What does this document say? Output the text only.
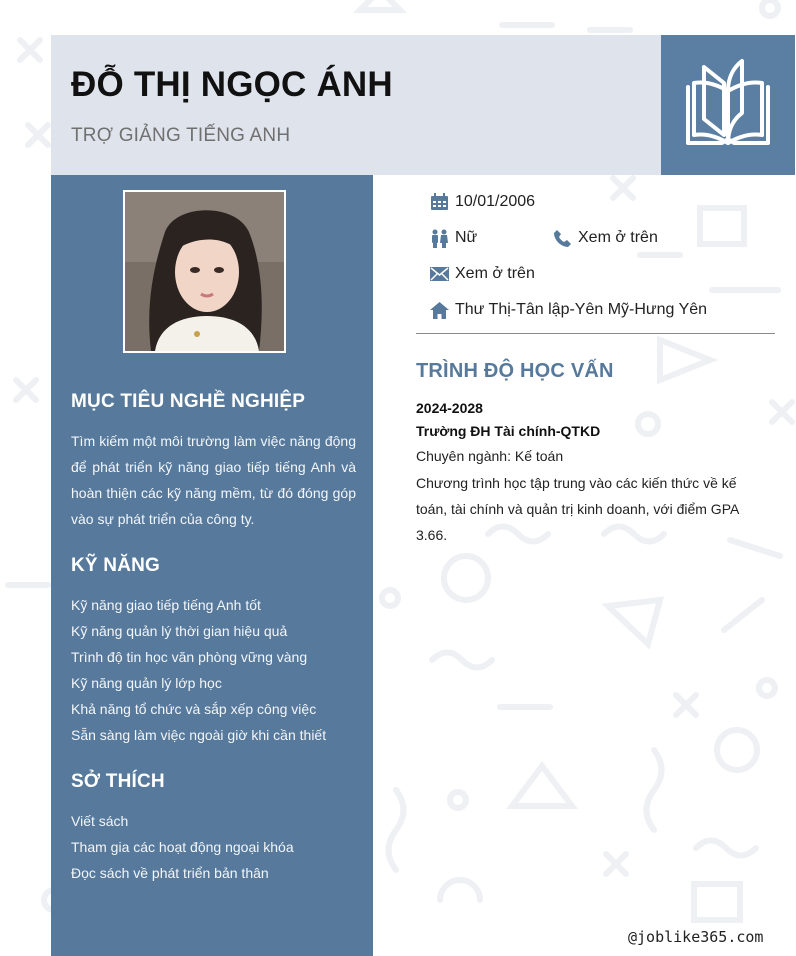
ĐỖ THỊ NGỌC ÁNH
TRỢ GIẢNG TIẾNG ANH
MỤC TIÊU NGHỀ NGHIỆP
Tìm kiếm một môi trường làm việc năng động để phát triển kỹ năng giao tiếp tiếng Anh và hoàn thiện các kỹ năng mềm, từ đó đóng góp vào sự phát triển của công ty.
KỸ NĂNG
Kỹ năng giao tiếp tiếng Anh tốt
Kỹ năng quản lý thời gian hiệu quả
Trình độ tin học văn phòng vững vàng
Kỹ năng quản lý lớp học
Khả năng tổ chức và sắp xếp công việc
Sẵn sàng làm việc ngoài giờ khi cần thiết
SỞ THÍCH
Viết sách
Tham gia các hoạt động ngoại khóa
Đọc sách về phát triển bản thân
10/01/2006
Nữ	Xem ở trên
Xem ở trên
Thư Thị-Tân lập-Yên Mỹ-Hưng Yên
TRÌNH ĐỘ HỌC VẤN
2024-2028
Trường ĐH Tài chính-QTKD
Chuyên ngành: Kế toán
Chương trình học tập trung vào các kiến thức về kế toán, tài chính và quản trị kinh doanh, với điểm GPA 3.66.
@joblike365.com
